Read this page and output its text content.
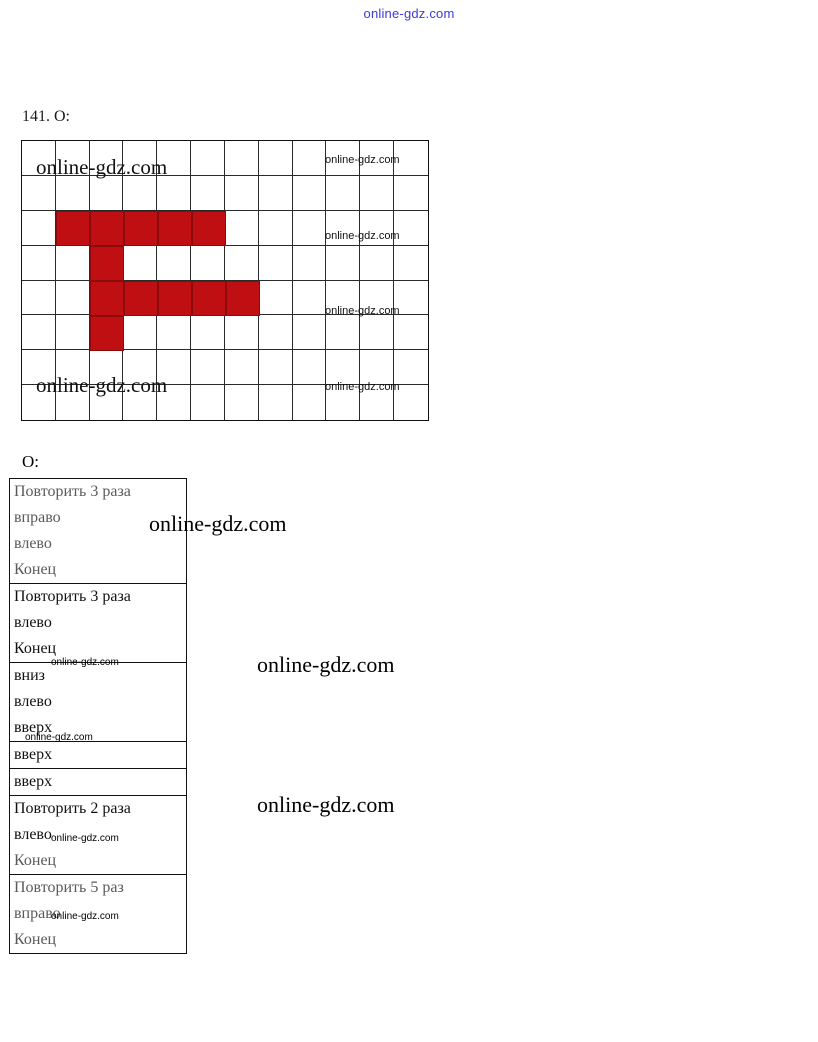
online-gdz.com
141. О:
online-gdz.com	online-gdz.com
online-gdz.com
online-gdz.com
online-gdz.com	online-gdz.com
О:
Повторить 3 раза
вправо
влево
Конец
Повторить 3 раза
влево
Конец
вниз
влево
вверх
вверх
вверх
Повторить 2 раза
влево
Конец
Повторить 5 раз
вправо
Конец
online-gdz.com
online-gdz.com
online-gdz.com
online-gdz.com
online-gdz.com
online-gdz.com
online-gdz.com
